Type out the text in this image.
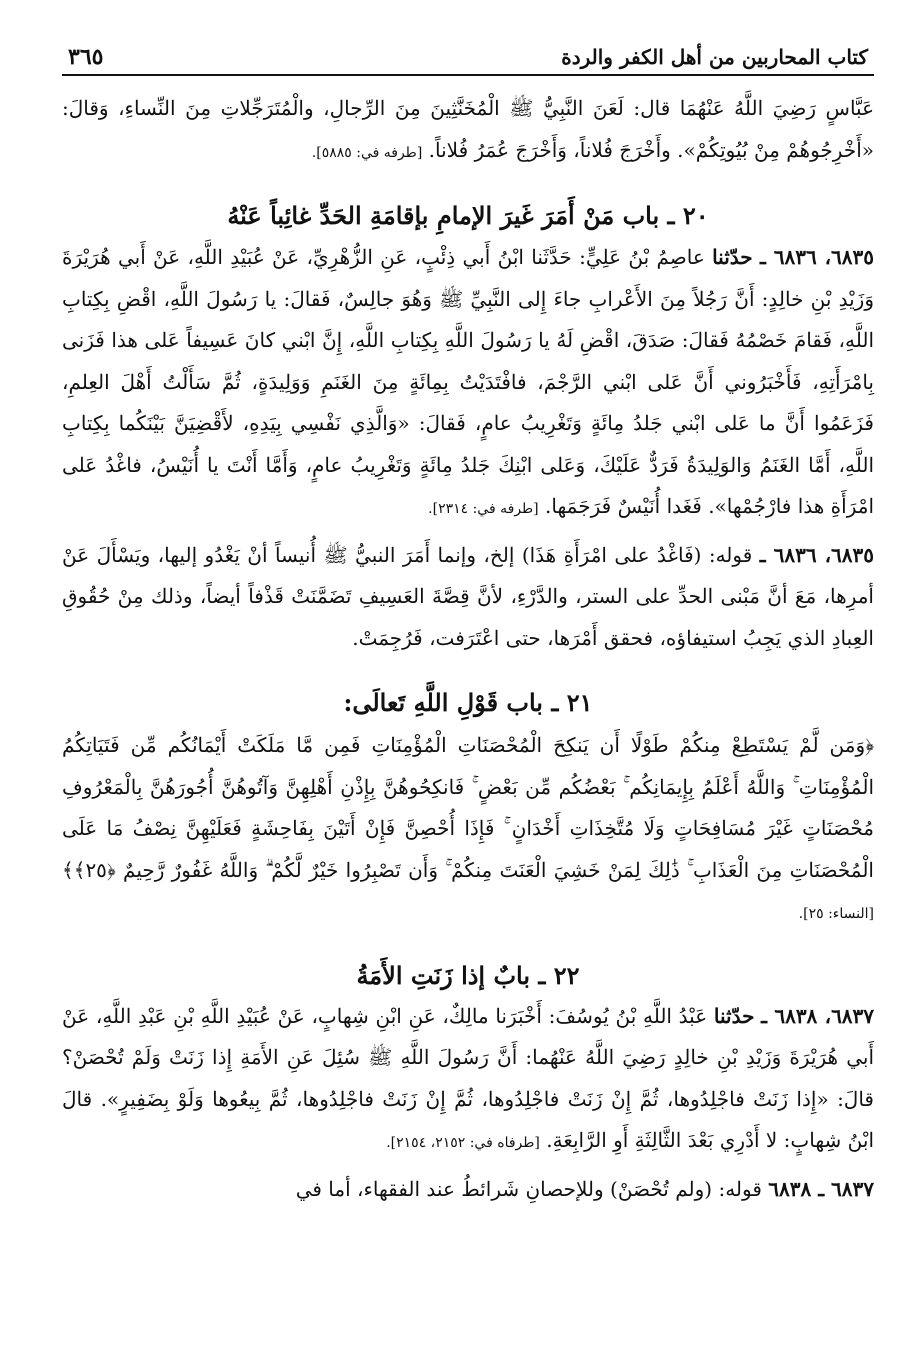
كتاب المحاربين من أهل الكفر والردة
٣٦٥

عَبَّاسٍ رَضِيَ اللَّهُ عَنْهُمَا قال: لَعَنَ النَّبِيُّ ﷺ الْمُخَنَّثِينَ مِنَ الرِّجالِ، والْمُتَرَجِّلاتِ مِنَ النِّساءِ، وَقالَ: «أَخْرِجُوهُمْ مِنْ بُيُوتِكُمْ». وأَخْرَجَ فُلاناً، وَأَخْرَجَ عُمَرُ فُلاناً. [طرفه في: ٥٨٨٥].

٢٠ ـ باب مَنْ أَمَرَ غَيرَ الإمامِ بإقامَةِ الحَدِّ غائِباً عَنْهُ

٦٨٣٥، ٦٨٣٦ ـ حدّثنا عاصِمُ بْنُ عَلِيٍّ: حَدَّثَنا ابْنُ أَبي ذِئْبٍ، عَنِ الزُّهْرِيِّ، عَنْ عُبَيْدِ اللَّهِ، عَنْ أَبي هُرَيْرَةَ وَزَيْدِ بْنِ خالِدٍ: أَنَّ رَجُلاً مِنَ الأَعْرابِ جاءَ إِلى النَّبِيِّ ﷺ وَهُوَ جالِسٌ، فَقالَ: يا رَسُولَ اللَّهِ، اقْضِ بِكِتابِ اللَّهِ، فَقامَ خَصْمُهُ فَقالَ: صَدَقَ، اقْضِ لَهُ يا رَسُولَ اللَّهِ بِكِتابِ اللَّهِ، إِنَّ ابْني كانَ عَسِيفاً عَلى هذا فَزَنى بِامْرَأَتِهِ، فَأَخْبَرُوني أَنَّ عَلى ابْني الرَّجْمَ، فافْتَدَيْتُ بِمِائَةٍ مِنَ الغَنَمِ وَوَلِيدَةٍ، ثُمَّ سَأَلْتُ أَهْلَ العِلمِ، فَزَعَمُوا أَنَّ ما عَلى ابْني جَلدُ مِائَةٍ وَتَغْرِيبُ عامٍ، فَقالَ: «وَالَّذِي نَفْسِي بِيَدِهِ، لأَقْضِيَنَّ بَيْنَكُما بِكِتابِ اللَّهِ، أَمَّا الغَنَمُ وَالوَلِيدَةُ فَرَدٌّ عَلَيْكَ، وَعَلى ابْنِكَ جَلدُ مِائَةٍ وَتَغْرِيبُ عامٍ، وَأَمَّا أَنْتَ يا أُنَيْسُ، فاغْدُ عَلى امْرَأَةِ هذا فارْجُمْها». فَغَدا أُنَيْسٌ فَرَجَمَها. [طرفه في: ٢٣١٤].

٦٨٣٥، ٦٨٣٦ ـ قوله: (فَاغْدُ على امْرَأَةِ هَذَا) إلخ، وإنما أَمَرَ النبيُّ ﷺ أُنيساً أنْ يَغْدُو إليها، ويَسْأَلَ عَنْ أمرِها، مَعَ أنَّ مَبْنى الحدِّ على الستر، والدَّرْءِ، لأنَّ قِصَّةَ العَسِيفِ تَضَمَّنَتْ قَذْفاً أيضاً، وذلك مِنْ حُقُوقِ العِبادِ الذي يَجِبُ استيفاؤه، فحقق أَمْرَها، حتى اعْتَرَفت، فَرُجِمَتْ.

٢١ ـ باب قَوْلِ اللَّهِ تَعالَى:

﴿وَمَن لَّمْ يَسْتَطِعْ مِنكُمْ طَوْلًا أَن يَنكِحَ الْمُحْصَنَاتِ الْمُؤْمِنَاتِ فَمِن مَّا مَلَكَتْ أَيْمَانُكُم مِّن فَتَيَاتِكُمُ الْمُؤْمِنَاتِ ۚ وَاللَّهُ أَعْلَمُ بِإِيمَانِكُم ۚ بَعْضُكُم مِّن بَعْضٍ ۚ فَانكِحُوهُنَّ بِإِذْنِ أَهْلِهِنَّ وَآتُوهُنَّ أُجُورَهُنَّ بِالْمَعْرُوفِ مُحْصَنَاتٍ غَيْرَ مُسَافِحَاتٍ وَلَا مُتَّخِذَاتِ أَخْدَانٍ ۚ فَإِذَا أُحْصِنَّ فَإِنْ أَتَيْنَ بِفَاحِشَةٍ فَعَلَيْهِنَّ نِصْفُ مَا عَلَى الْمُحْصَنَاتِ مِنَ الْعَذَابِ ۚ ذَٰلِكَ لِمَنْ خَشِيَ الْعَنَتَ مِنكُمْ ۚ وَأَن تَصْبِرُوا خَيْرٌ لَّكُمْ ۗ وَاللَّهُ غَفُورٌ رَّحِيمٌ ﴿٢٥﴾﴾ [النساء: ٢٥].

٢٢ ـ بابٌ إذا زَنَتِ الأَمَةُ

٦٨٣٧، ٦٨٣٨ ـ حدّثنا عَبْدُ اللَّهِ بْنُ يُوسُفَ: أَخْبَرَنا مالِكٌ، عَنِ ابْنِ شِهابٍ، عَنْ عُبَيْدِ اللَّهِ بْنِ عَبْدِ اللَّهِ، عَنْ أَبي هُرَيْرَةَ وَزَيْدِ بْنِ خالِدٍ رَضِيَ اللَّهُ عَنْهُما: أَنَّ رَسُولَ اللَّهِ ﷺ سُئِلَ عَنِ الأَمَةِ إِذا زَنَتْ وَلَمْ تُحْصَنْ؟ قالَ: «إِذا زَنَتْ فاجْلِدُوها، ثُمَّ إِنْ زَنَتْ فاجْلِدُوها، ثُمَّ إِنْ زَنَتْ فاجْلِدُوها، ثُمَّ بِيعُوها وَلَوْ بِضَفِيرٍ». قالَ ابْنُ شِهابٍ: لا أَدْرِي بَعْدَ الثَّالِثَةِ أَوِ الرَّابِعَةِ. [طرفاه في: ٢١٥٢، ٢١٥٤].

٦٨٣٧ ـ ٦٨٣٨ قوله: (ولم تُحْصَنْ) وللإحصانِ شَرائطُ عند الفقهاء، أما في
